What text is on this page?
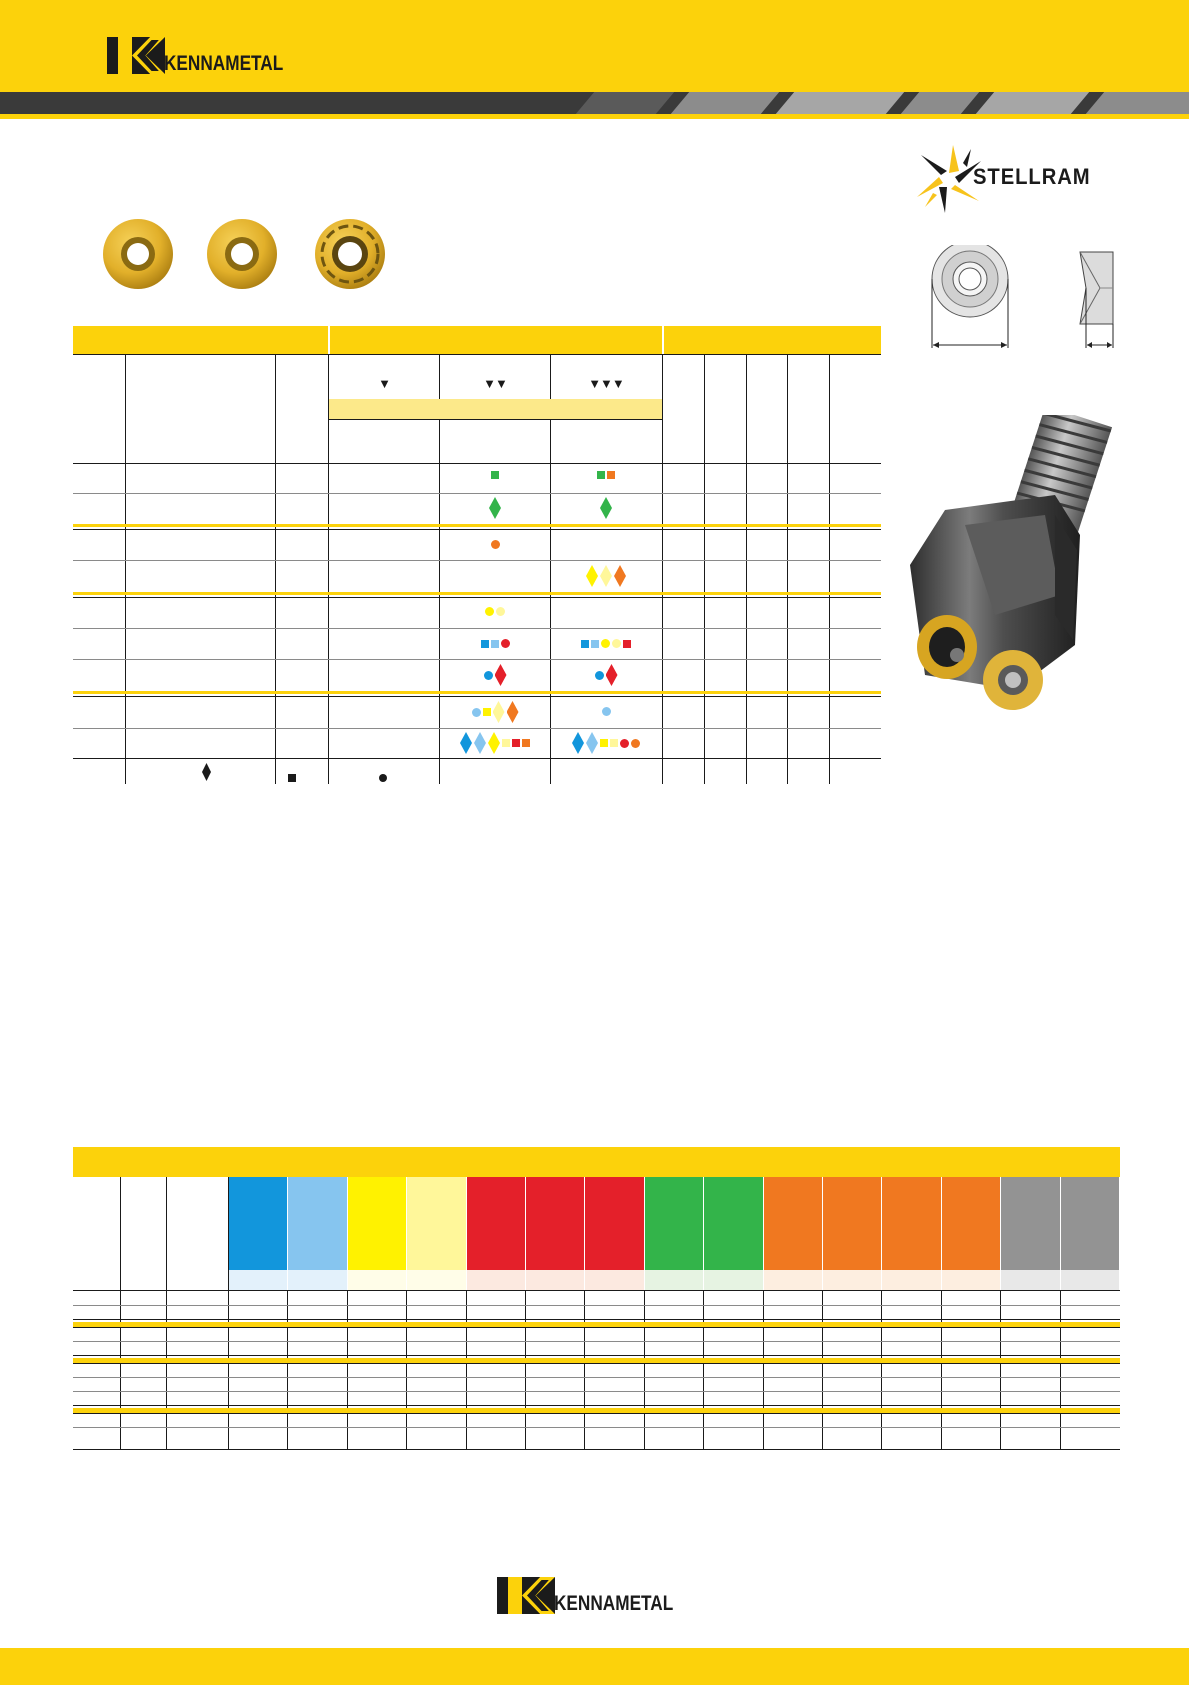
KENNAMETAL
STELLRAM
▼	▼▼	▼▼▼
KENNAMETAL
